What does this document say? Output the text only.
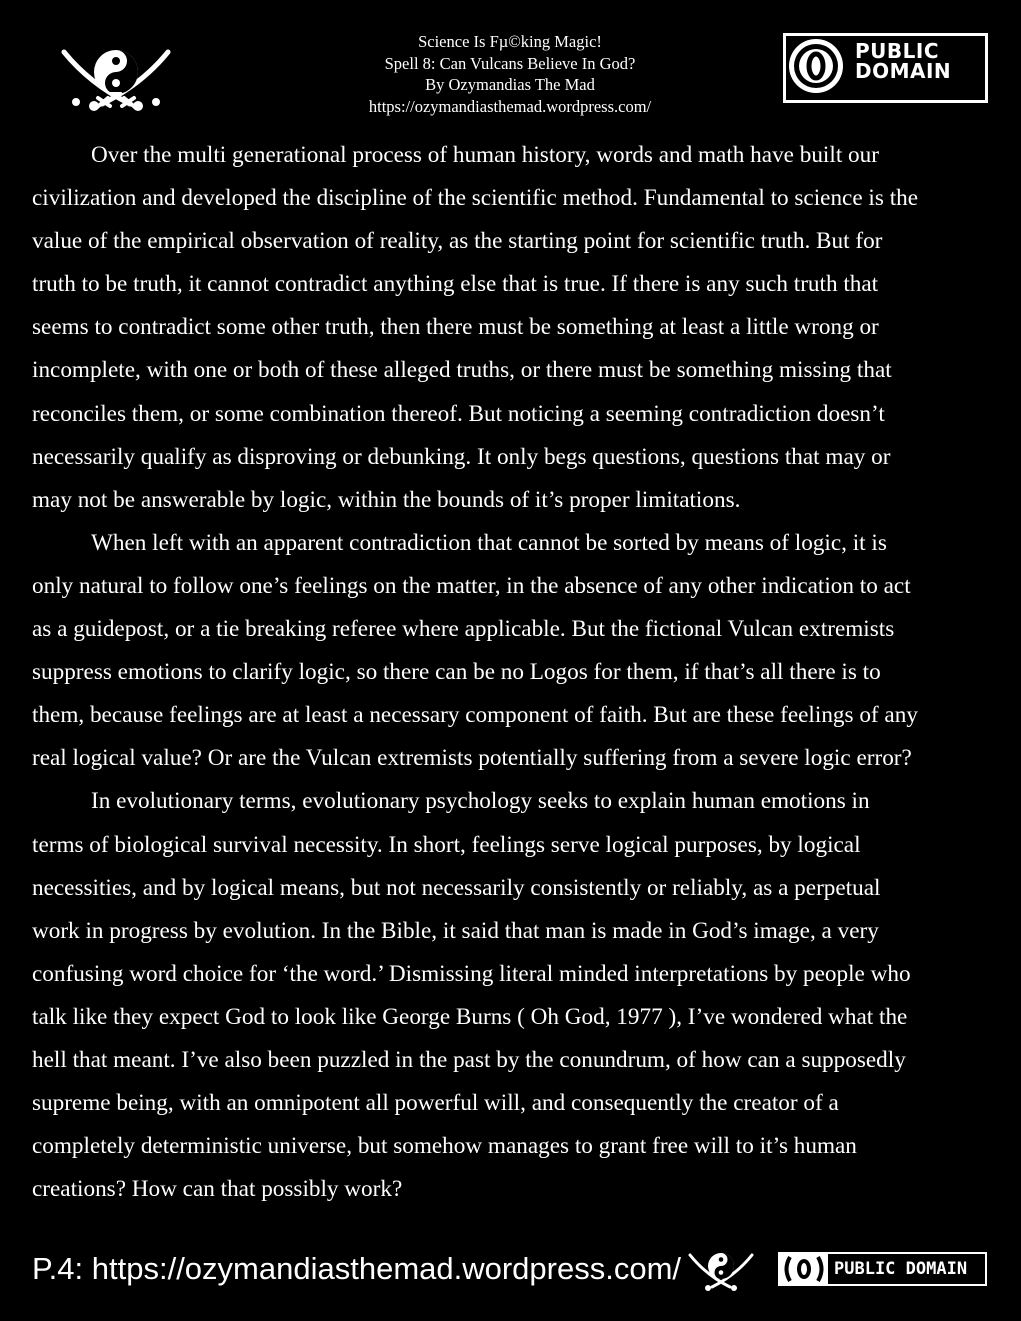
Science Is Fµ©king Magic!
Spell 8: Can Vulcans Believe In God?
By Ozymandias The Mad
https://ozymandiasthemad.wordpress.com/
PUBLIC
DOMAIN
Over the multi generational process of human history, words and math have built our
civilization and developed the discipline of the scientific method. Fundamental to science is the
value of the empirical observation of reality, as the starting point for scientific truth. But for
truth to be truth, it cannot contradict anything else that is true. If there is any such truth that
seems to contradict some other truth, then there must be something at least a little wrong or
incomplete, with one or both of these alleged truths, or there must be something missing that
reconciles them, or some combination thereof. But noticing a seeming contradiction doesn’t
necessarily qualify as disproving or debunking. It only begs questions, questions that may or
may not be answerable by logic, within the bounds of it’s proper limitations.
When left with an apparent contradiction that cannot be sorted by means of logic, it is
only natural to follow one’s feelings on the matter, in the absence of any other indication to act
as a guidepost, or a tie breaking referee where applicable. But the fictional Vulcan extremists
suppress emotions to clarify logic, so there can be no Logos for them, if that’s all there is to
them, because feelings are at least a necessary component of faith. But are these feelings of any
real logical value? Or are the Vulcan extremists potentially suffering from a severe logic error?
In evolutionary terms, evolutionary psychology seeks to explain human emotions in
terms of biological survival necessity. In short, feelings serve logical purposes, by logical
necessities, and by logical means, but not necessarily consistently or reliably, as a perpetual
work in progress by evolution. In the Bible, it said that man is made in God’s image, a very
confusing word choice for ‘the word.’ Dismissing literal minded interpretations by people who
talk like they expect God to look like George Burns ( Oh God, 1977 ), I’ve wondered what the
hell that meant. I’ve also been puzzled in the past by the conundrum, of how can a supposedly
supreme being, with an omnipotent all powerful will, and consequently the creator of a
completely deterministic universe, but somehow manages to grant free will to it’s human
creations? How can that possibly work?
P.4: https://ozymandiasthemad.wordpress.com/	PUBLIC DOMAIN
